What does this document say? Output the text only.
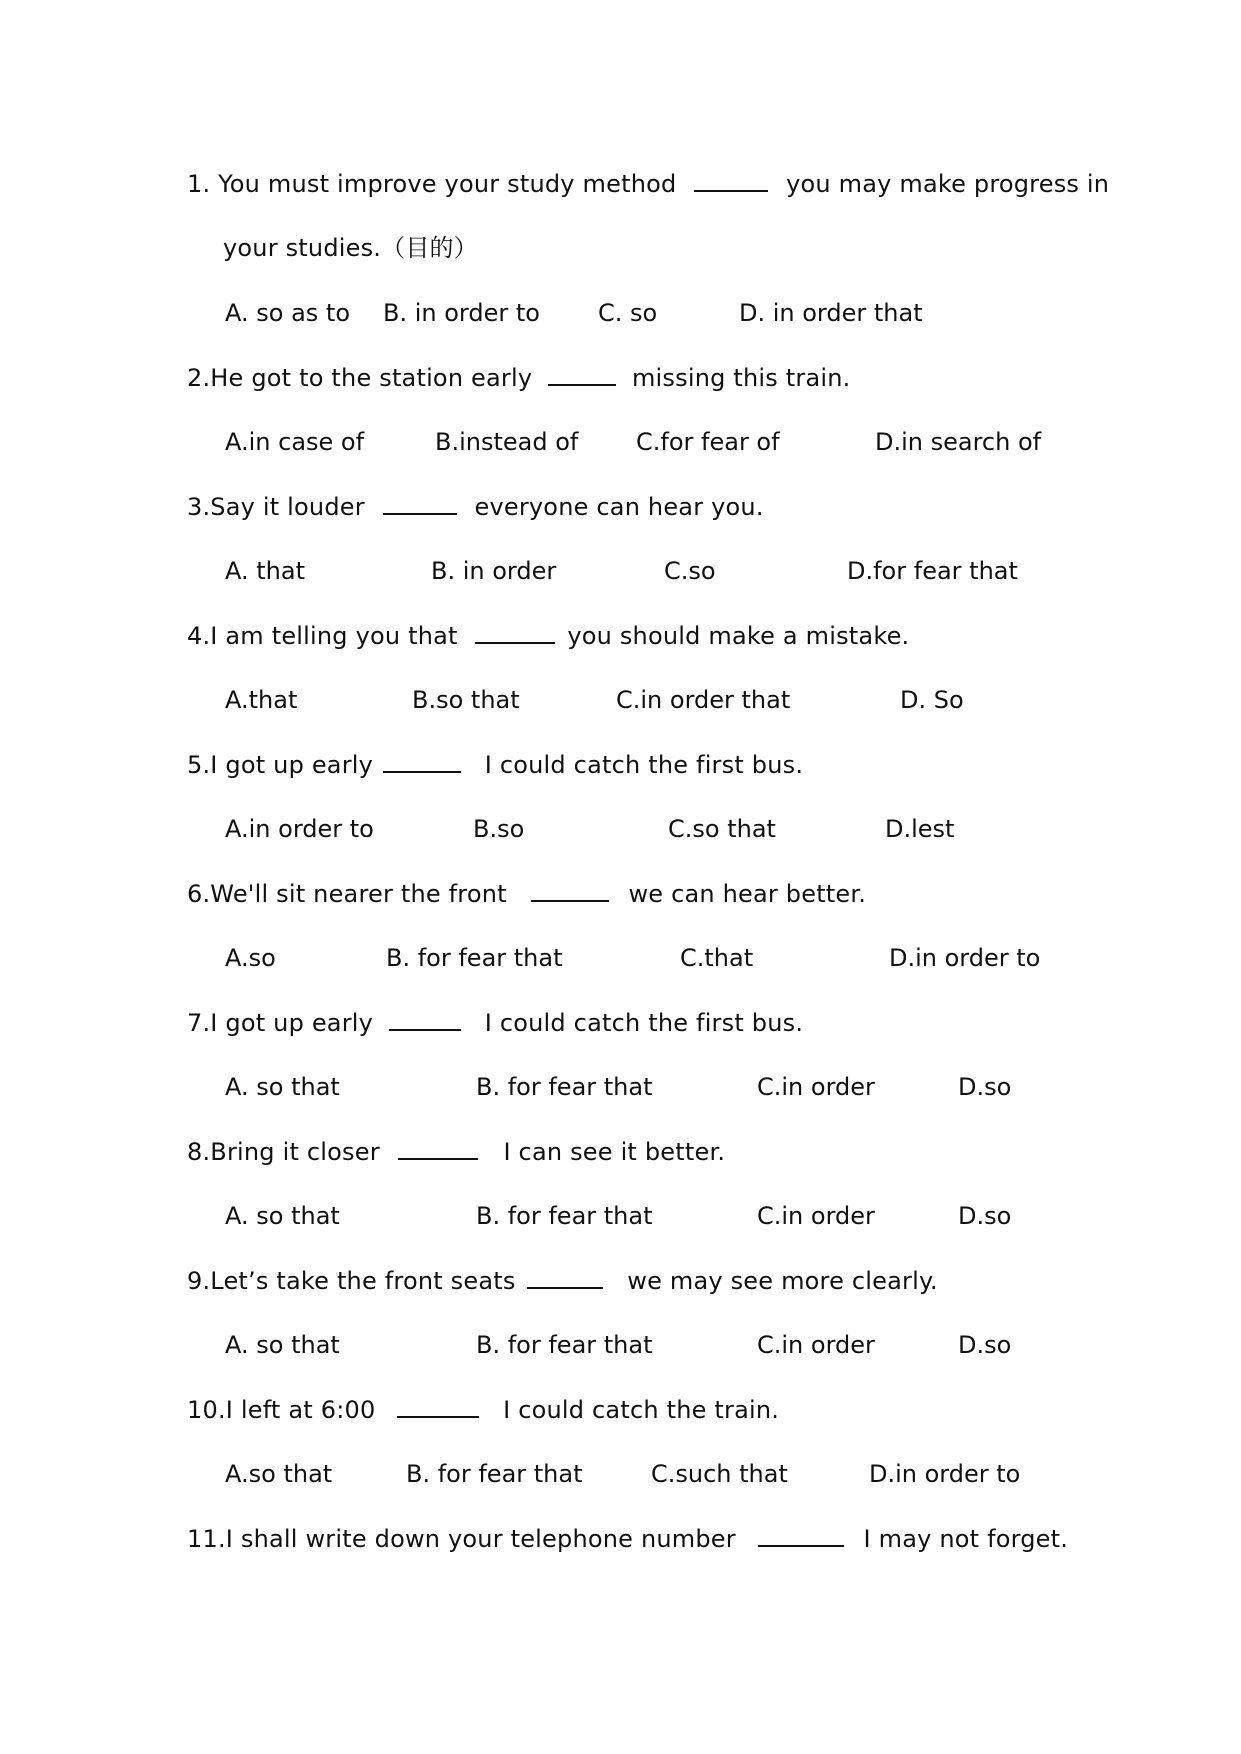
1. You must improve your study method	you may make progress in
your studies.（目的）
A. so as to B. in order to C. so	D. in order that
2.He got to the station early	missing this train.
A.in case of	B.instead of C.for fear of	D.in search of
3.Say it louder	everyone can hear you.
A. that	B. in order	C.so	D.for fear that
4.I am telling you that	you should make a mistake.
A.that	B.so that	C.in order that	D. So
5.I got up early	I could catch the first bus.
A.in order to	B.so	C.so that	D.lest
6.We'll sit nearer the front	we can hear better.
A.so	B. for fear that	C.that	D.in order to
7.I got up early	I could catch the first bus.
A. so that	B. for fear that	C.in order	D.so
8.Bring it closer	I can see it better.
A. so that	B. for fear that	C.in order	D.so
9.Let’s take the front seats	we may see more clearly.
A. so that	B. for fear that	C.in order	D.so
10.I left at 6:00	I could catch the train.
A.so that	B. for fear that	C.such that	D.in order to
11.I shall write down your telephone number	I may not forget.
